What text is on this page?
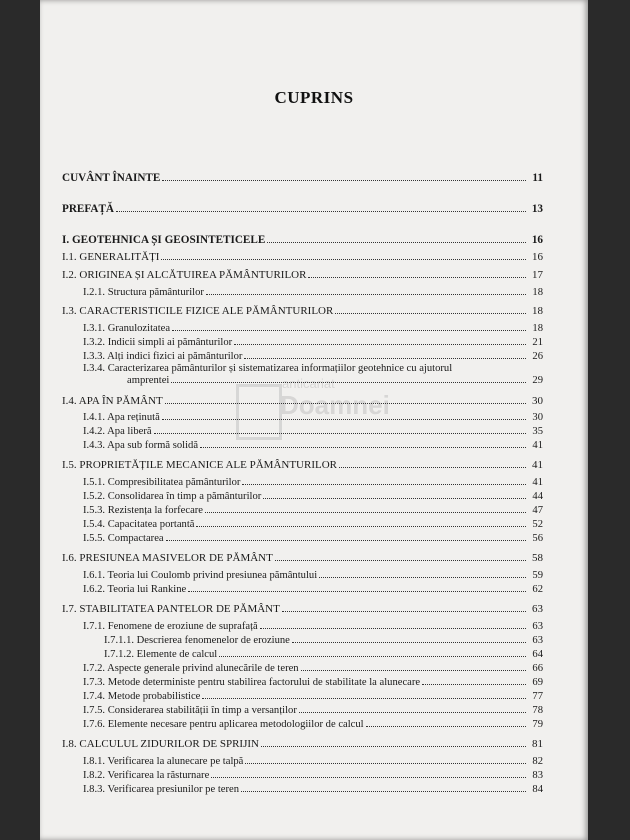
CUPRINS
anticariat
Doamnei
CUVÂNT ÎNAINTE	11
PREFAȚĂ	13
I. GEOTEHNICA ȘI GEOSINTETICELE	16
I.1. GENERALITĂȚI	16
I.2. ORIGINEA ȘI ALCĂTUIREA PĂMÂNTURILOR	17
I.2.1. Structura pământurilor	18
I.3. CARACTERISTICILE FIZICE ALE PĂMÂNTURILOR	18
I.3.1. Granulozitatea	18
I.3.2. Indicii simpli ai pământurilor	21
I.3.3. Alți indici fizici ai pământurilor	26
I.3.4. Caracterizarea pământurilor și sistematizarea informațiilor geotehnice cu ajutorul
amprentei	29
I.4. APA ÎN PĂMÂNT	30
I.4.1. Apa reținută	30
I.4.2. Apa liberă	35
I.4.3. Apa sub formă solidă	41
I.5. PROPRIETĂȚILE MECANICE ALE PĂMÂNTURILOR	41
I.5.1. Compresibilitatea pământurilor	41
I.5.2. Consolidarea în timp a pământurilor	44
I.5.3. Rezistența la forfecare	47
I.5.4. Capacitatea portantă	52
I.5.5. Compactarea	56
I.6. PRESIUNEA MASIVELOR DE PĂMÂNT	58
I.6.1. Teoria lui Coulomb privind presiunea pământului	59
I.6.2. Teoria lui Rankine	62
I.7. STABILITATEA PANTELOR DE PĂMÂNT	63
I.7.1. Fenomene de eroziune de suprafață	63
I.7.1.1. Descrierea fenomenelor de eroziune	63
I.7.1.2. Elemente de calcul	64
I.7.2. Aspecte generale privind alunecările de teren	66
I.7.3. Metode deterministe pentru stabilirea factorului de stabilitate la alunecare	69
I.7.4. Metode probabilistice	77
I.7.5. Considerarea stabilității în timp a versanților	78
I.7.6. Elemente necesare pentru aplicarea metodologiilor de calcul	79
I.8. CALCULUL ZIDURILOR DE SPRIJIN	81
I.8.1. Verificarea la alunecare pe talpă	82
I.8.2. Verificarea la răsturnare	83
I.8.3. Verificarea presiunilor pe teren	84
